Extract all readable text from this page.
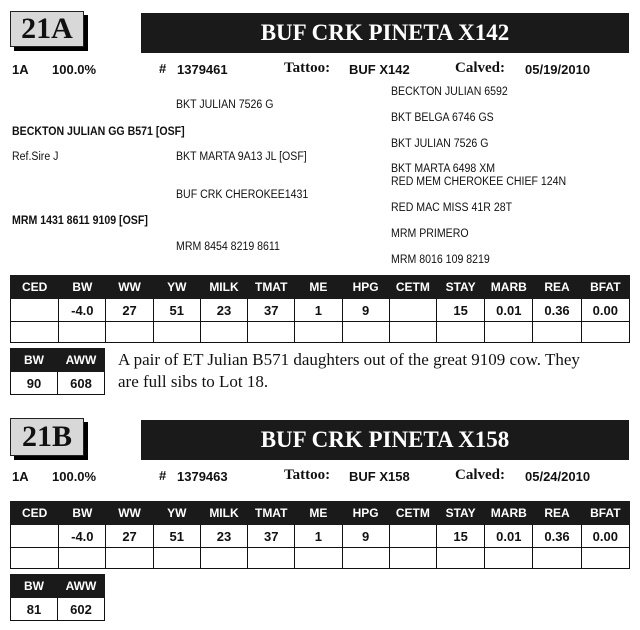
21A	BUF CRK PINETA X142
1A 100.0%	# 1379461	Tattoo: BUF X142	Calved: 05/19/2010
BKT JULIAN 7526 G
BECKTON JULIAN GG B571 [OSF]
Ref.Sire J	BKT MARTA 9A13 JL [OSF]
BUF CRK CHEROKEE1431
MRM 1431 8611 9109 [OSF]
MRM 8454 8219 8611
BECKTON JULIAN 6592
BKT BELGA 6746 GS
BKT JULIAN 7526 G
BKT MARTA 6498 XM
RED MEM CHEROKEE CHIEF 124N
RED MAC MISS 41R 28T
MRM PRIMERO
MRM 8016 109 8219
CED	BW	WW	YW	MILK	TMAT	ME	HPG	CETM	STAY	MARB	REA	BFAT
	-4.0	27	51	23	37	1	9		15	0.01	0.36	0.00

BW	AWW
90	608
A pair of ET Julian B571 daughters out of the great 9109 cow. They
are full sibs to Lot 18.
21B	BUF CRK PINETA X158
1A 100.0%	# 1379463	Tattoo: BUF X158	Calved: 05/24/2010
CED	BW	WW	YW	MILK	TMAT	ME	HPG	CETM	STAY	MARB	REA	BFAT
	-4.0	27	51	23	37	1	9		15	0.01	0.36	0.00

BW	AWW
81	602
